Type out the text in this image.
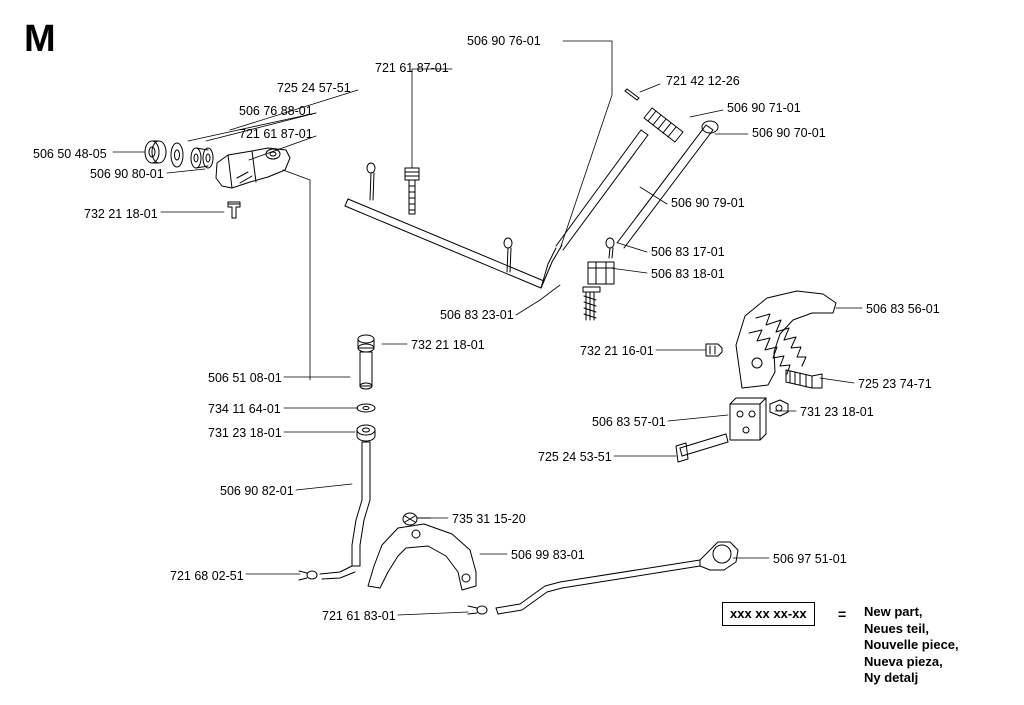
M	506 90 76-01
721 42 12-26
721 61 87-01
506 90 71-01
725 24 57-51
506 76 88-01
506 90 70-01
721 61 87-01
506 50 48-05
506 90 80-01
506 90 79-01
732 21 18-01
506 83 17-01
506 83 18-01
506 83 56-01
506 83 23-01
732 21 18-01	732 21 16-01
506 51 08-01	725 23 74-71
734 11 64-01
506 83 57-01
731 23 18-01
731 23 18-01
725 24 53-51
506 90 82-01
735 31 15-20
506 99 83-01	506 97 51-01
721 68 02-51
721 61 83-01	xxx xx xx-xx	= New part,
Neues teil,
Nouvelle piece,
Nueva pieza,
Ny detalj
